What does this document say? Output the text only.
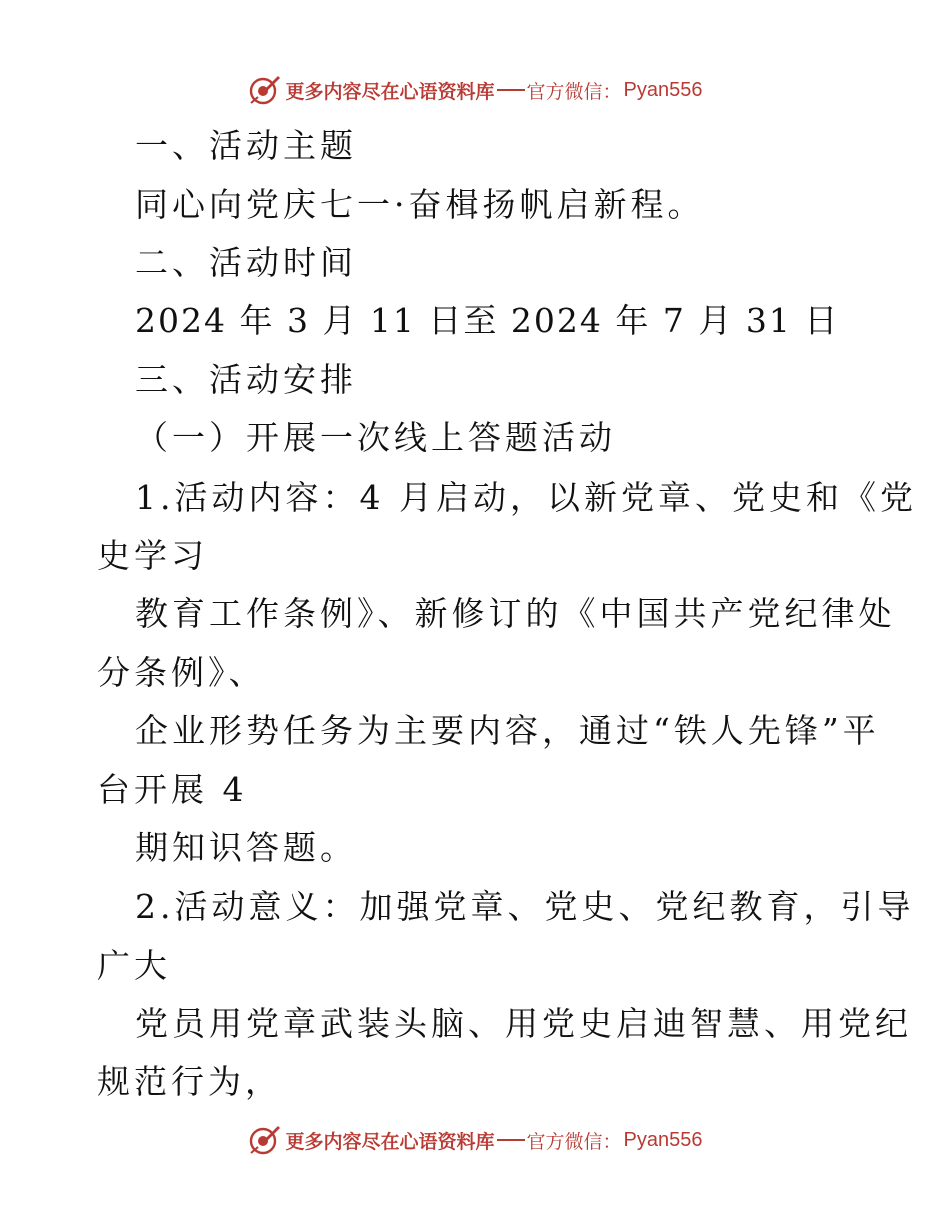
更多内容尽在心语资料库 官方微信： Pyan556
一、活动主题
同心向党庆七一·奋楫扬帆启新程。
二、活动时间
2024 年 3 月 11 日至 2024 年 7 月 31 日
三、活动安排
（一）开展一次线上答题活动
1.活动内容：4 月启动，以新党章、党史和《党
史学习
教育工作条例》、新修订的《中国共产党纪律处
分条例》、
企业形势任务为主要内容，通过“铁人先锋”平
台开展 4
期知识答题。
2.活动意义：加强党章、党史、党纪教育，引导
广大
党员用党章武装头脑、用党史启迪智慧、用党纪
规范行为，
更多内容尽在心语资料库 官方微信： Pyan556
